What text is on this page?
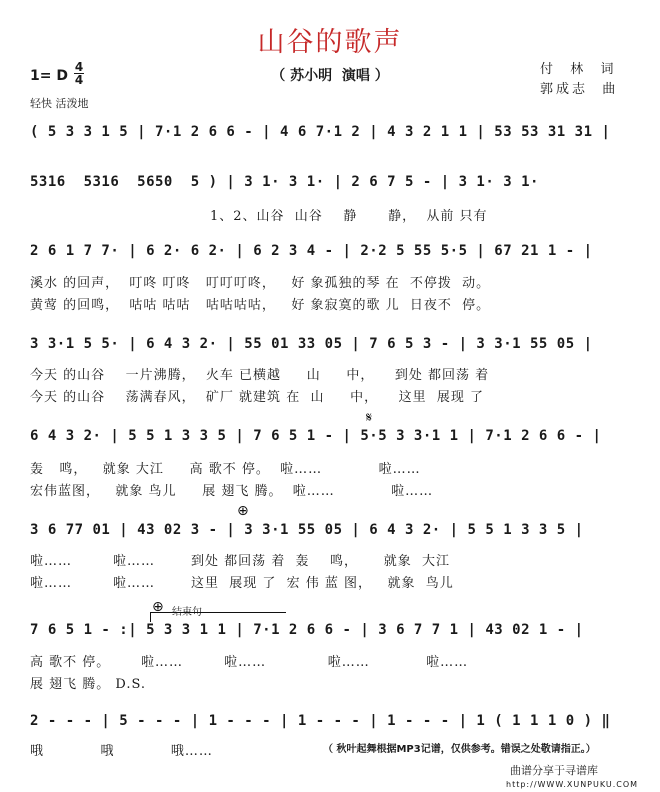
山谷的歌声
（ 苏小明  演唱 ）
1= D
4
4
轻快 活泼地
付  林  词
郭成志  曲
( 5 3 3 1 5 | 7·1 2 6 6 - | 4 6 7·1 2 | 4 3 2 1 1 | 53 53 31 31 |
5316  5316  5650  5 ) | 3 1· 3 1· | 2 6 7 5 - | 3 1· 3 1·
1、2、山谷  山谷    静      静，  从前 只有
2 6 1 7 7· | 6 2· 6 2· | 6 2 3 4 - | 2·2 5 55 5·5 | 67 21 1 - |
溪水 的回声，  叮咚 叮咚   叮叮叮咚，   好 象孤独的琴 在  不停拨  动。
黄莺 的回鸣，  咕咕 咕咕   咕咕咕咕，   好 象寂寞的歌 儿  日夜不  停。
3 3·1 5 5· | 6 4 3 2· | 55 01 33 05 | 7 6 5 3 - | 3 3·1 55 05 |
今天 的山谷    一片沸腾，  火车 已横越     山     中，    到处 都回荡 着
今天 的山谷    荡满春风，  矿厂 就建筑 在  山     中，    这里  展现 了
𝄋
6 4 3 2· | 5 5 1 3 3 5 | 7 6 5 1 - | 5·5 3 3·1 1 | 7·1 2 6 6 - |
轰   鸣，   就象 大江     高 歌不 停。  啦……           啦……
宏伟蓝图，   就象 鸟儿     展 翅飞 腾。  啦……           啦……
⊕
3 6 77 01 | 43 02 3 - | 3 3·1 55 05 | 6 4 3 2· | 5 5 1 3 3 5 |
啦……        啦……       到处 都回荡 着  轰    鸣，     就象  大江
啦……        啦……       这里  展现 了  宏 伟 蓝 图，   就象  鸟儿
⊕ 结束句
7 6 5 1 - :| 5 3 3 1 1 | 7·1 2 6 6 - | 3 6 7 7 1 | 43 02 1 - |
高 歌不 停。      啦……        啦……            啦……           啦……
展 翅飞 腾。 D.S.
2 - - - | 5 - - - | 1 - - - | 1 - - - | 1 - - - | 1 ( 1 1 1 0 ) ‖
哦           哦           哦……	（ 秋叶起舞根据MP3记谱，仅供参考。错误之处敬请指正。）
曲谱分享于寻谱库
http://WWW.XUNPUKU.COM
